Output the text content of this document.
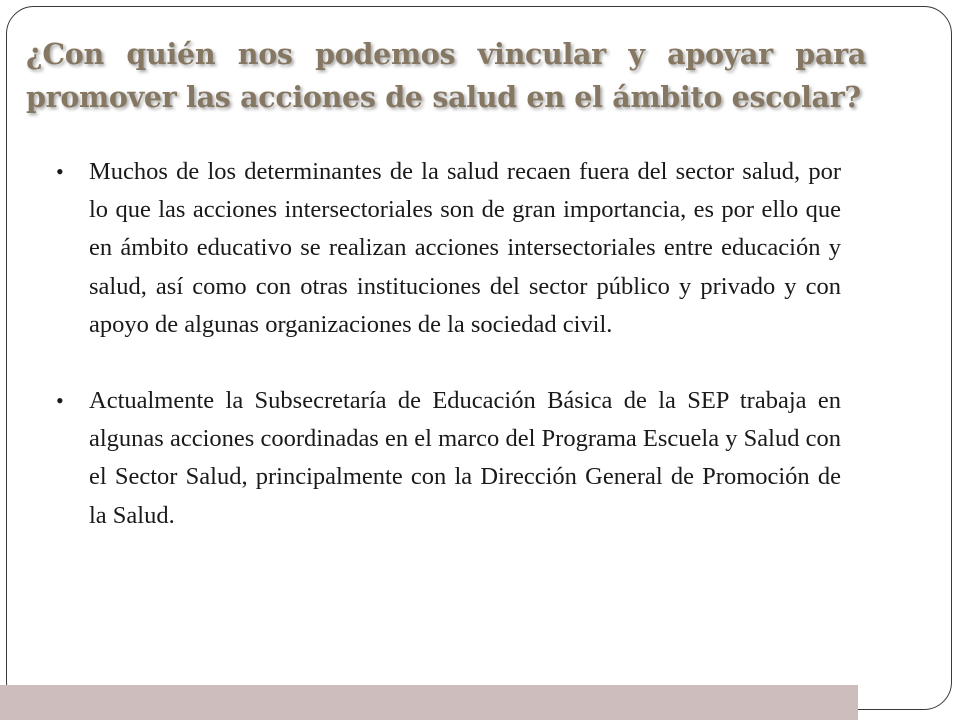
¿Con quién nos podemos vincular y apoyar para promover las acciones de salud en el ámbito escolar?
•	Muchos de los determinantes de la salud recaen fuera del sector salud, por lo que las acciones intersectoriales son de gran importancia, es por ello que en ámbito educativo se realizan acciones intersectoriales entre educación y salud, así como con otras instituciones del sector público y privado y con apoyo de algunas organizaciones de la sociedad civil.
•	Actualmente la Subsecretaría de Educación Básica de la SEP trabaja en algunas acciones coordinadas en el marco del Programa Escuela y Salud con el Sector Salud, principalmente con la Dirección General de Promoción de la Salud.
